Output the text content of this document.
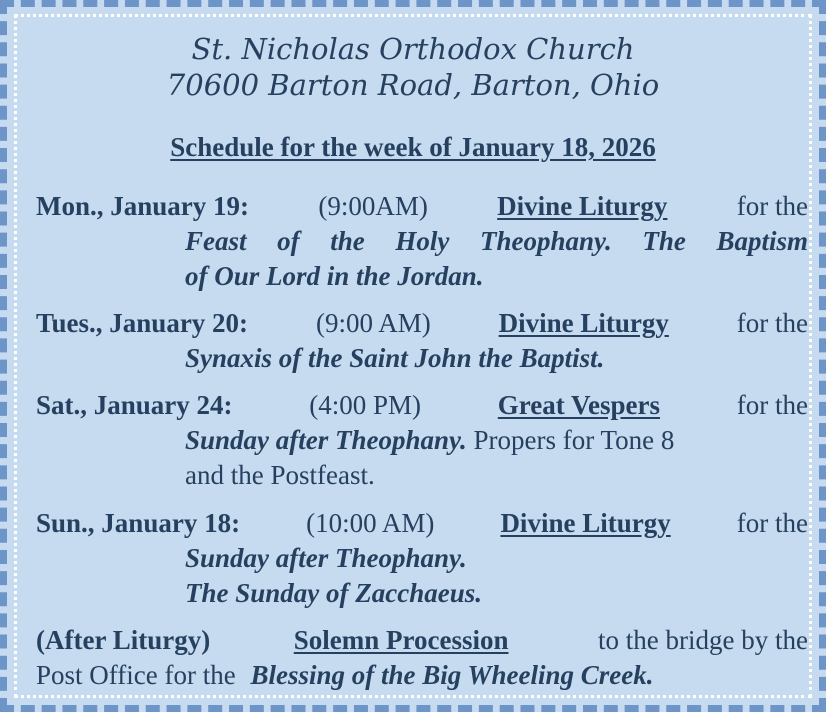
St. Nicholas Orthodox Church
70600 Barton Road, Barton, Ohio
Schedule for the week of January 18, 2026
Mon., January 19:	(9:00AM)	Divine Liturgy	for the
Feast of the Holy Theophany. The Baptism
of Our Lord in the Jordan.
Tues., January 20:	(9:00 AM)	Divine Liturgy	for the
Synaxis of the Saint John the Baptist.
Sat., January 24:	(4:00 PM)	Great Vespers	for the
Sunday after Theophany. Propers for Tone 8
and the Postfeast.
Sun., January 18: (10:00 AM) Divine Liturgy for the
Sunday after Theophany.
The Sunday of Zacchaeus.
(After Liturgy)	Solemn Procession	to the bridge by the
Post Office for the Blessing of the Big Wheeling Creek.
